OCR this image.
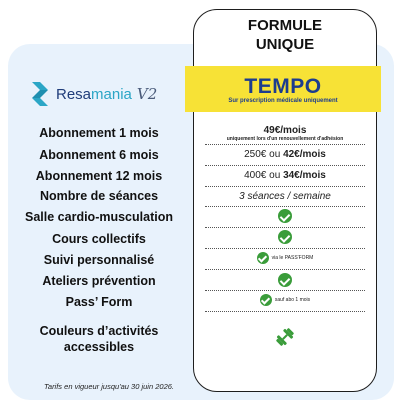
FORMULE
UNIQUE
TEMPO
Sur prescription médicale uniquement
Resamania V2
Abonnement 1 mois
Abonnement 6 mois
Abonnement 12 mois
Nombre de séances
Salle cardio-musculation
Cours collectifs
Suivi personnalisé
Ateliers prévention
Pass’ Form
Couleurs d’activités
accessibles
49€/mois
uniquement lors d'un renouvellement d'adhésion
250€ ou 42€/mois
400€ ou 34€/mois
3 séances / semaine
via le PASS'FORM
sauf abo 1 mois
Tarifs en vigueur jusqu'au 30 juin 2026.
